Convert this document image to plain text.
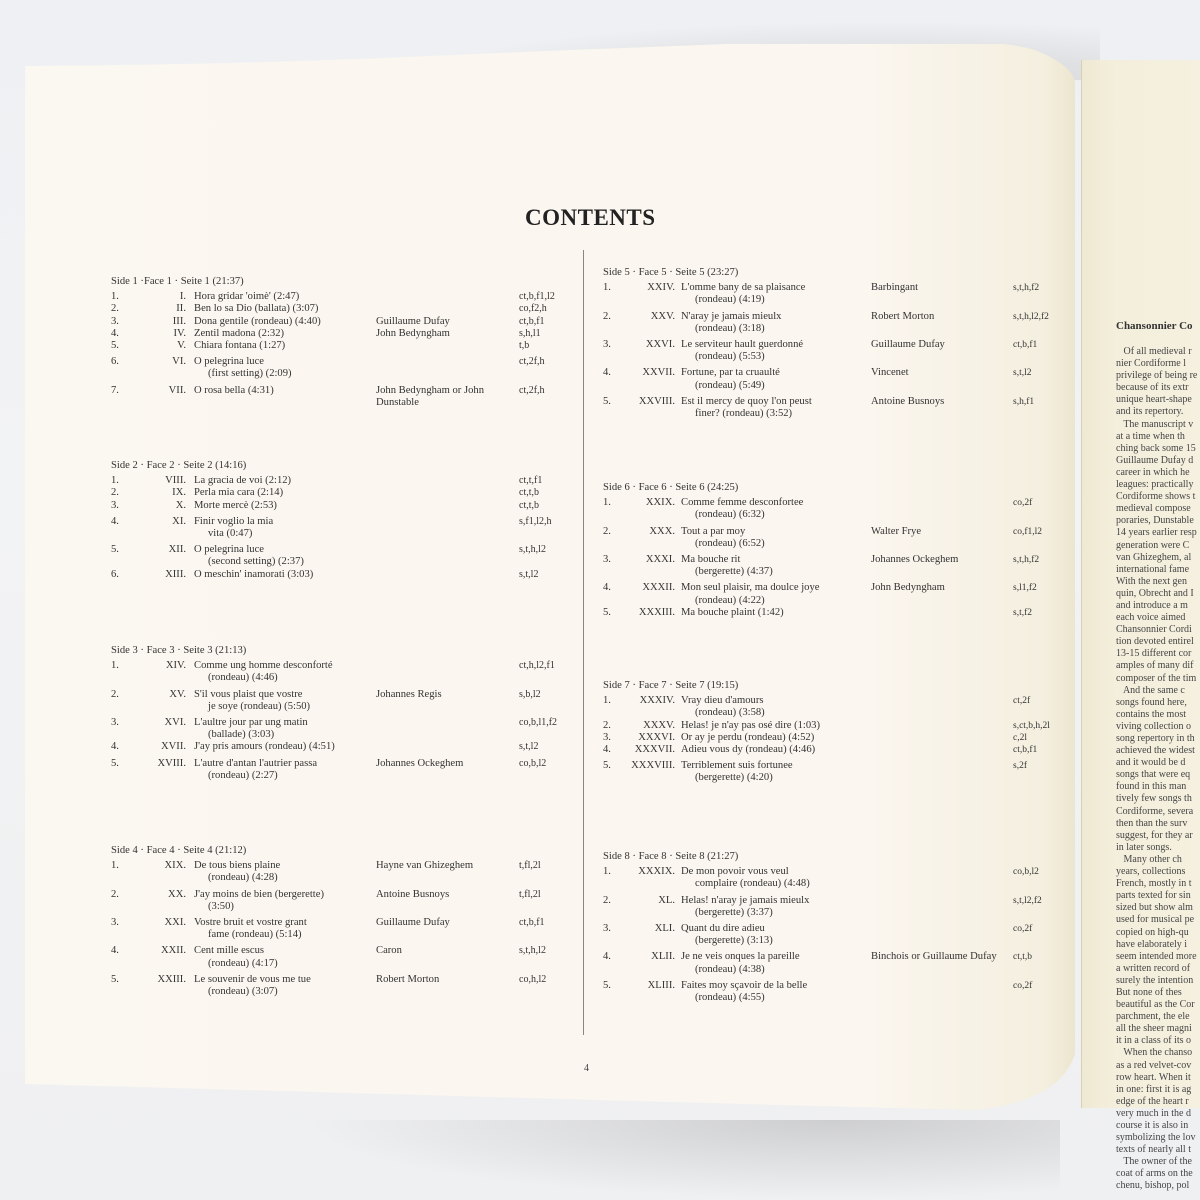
CONTENTS
Side 1 ·Face 1 · Seite 1 (21:37)
1.	I. Hora gridar 'oimè' (2:47)	ct,b,f1,l2
2.	II. Ben lo sa Dio (ballata) (3:07)	co,f2,h
3.	III. Dona gentile (rondeau) (4:40)	Guillaume Dufay	ct,b,f1
4.	IV. Zentil madona (2:32)	John Bedyngham	s,h,l1
5.	V. Chiara fontana (1:27)	t,b
6.	VI. O pelegrina luce
(first setting) (2:09)
ct,2f,h
7.	VII. O rosa bella (4:31)	John Bedyngham or John Dunstable
ct,2f,h
Side 2 · Face 2 · Seite 2 (14:16)
1.	VIII. La gracia de voi (2:12)	ct,t,f1
2.	IX. Perla mia cara (2:14)	ct,t,b
3.	X. Morte mercè (2:53)	ct,t,b
4.	XI. Finir voglio la mia
vita (0:47)
s,f1,l2,h
5.	XII. O pelegrina luce
(second setting) (2:37)
s,t,h,l2
6.	XIII. O meschin' inamorati (3:03)	s,t,l2
Side 3 · Face 3 · Seite 3 (21:13)
1.	XIV. Comme ung homme desconforté
(rondeau) (4:46)
ct,h,l2,f1
2.	XV. S'il vous plaist que vostre
je soye (rondeau) (5:50)
Johannes Regis	s,b,l2
3.	XVI. L'aultre jour par ung matin
(ballade) (3:03)
co,b,l1,f2
4.	XVII. J'ay pris amours (rondeau) (4:51)	s,t,l2
5.	XVIII. L'autre d'antan l'autrier passa
(rondeau) (2:27)
Johannes Ockeghem	co,b,l2
Side 4 · Face 4 · Seite 4 (21:12)
1.	XIX. De tous biens plaine
(rondeau) (4:28)
Hayne van Ghizeghem	t,fl,2l
2.	XX. J'ay moins de bien (bergerette)
(3:50)
Antoine Busnoys	t,fl,2l
3.	XXI. Vostre bruit et vostre grant
fame (rondeau) (5:14)
Guillaume Dufay	ct,b,f1
4.	XXII. Cent mille escus
(rondeau) (4:17)
Caron	s,t,h,l2
5.	XXIII. Le souvenir de vous me tue
(rondeau) (3:07)
Robert Morton	co,h,l2
Side 5 · Face 5 · Seite 5 (23:27)
1.	XXIV. L'omme bany de sa plaisance
(rondeau) (4:19)
Barbingant	s,t,h,f2
2.	XXV. N'aray je jamais mieulx
(rondeau) (3:18)
Robert Morton	s,t,h,l2,f2
3.	XXVI. Le serviteur hault guerdonné
(rondeau) (5:53)
Guillaume Dufay	ct,b,f1
4.	XXVII. Fortune, par ta cruaulté
(rondeau) (5:49)
Vincenet	s,t,l2
5.	XXVIII. Est il mercy de quoy l'on peust
finer? (rondeau) (3:52)
Antoine Busnoys	s,h,f1
Side 6 · Face 6 · Seite 6 (24:25)
1.	XXIX. Comme femme desconfortee
(rondeau) (6:32)
co,2f
2.	XXX. Tout a par moy
(rondeau) (6:52)
Walter Frye	co,f1,l2
3.	XXXI. Ma bouche rit
(bergerette) (4:37)
Johannes Ockeghem	s,t,h,f2
4.	XXXII. Mon seul plaisir, ma doulce joye
(rondeau) (4:22)
John Bedyngham	s,l1,f2
5.	XXXIII. Ma bouche plaint (1:42)	s,t,f2
Side 7 · Face 7 · Seite 7 (19:15)
1.	XXXIV. Vray dieu d'amours
(rondeau) (3:58)
ct,2f
2.	XXXV. Helas! je n'ay pas osé dire (1:03)	s,ct,b,h,2l
3.	XXXVI. Or ay je perdu (rondeau) (4:52)	c,2l
4.	XXXVII. Adieu vous dy (rondeau) (4:46)	ct,b,f1
5.	XXXVIII. Terriblement suis fortunee
(bergerette) (4:20)
s,2f
Side 8 · Face 8 · Seite 8 (21:27)
1.	XXXIX. De mon povoir vous veul
complaire (rondeau) (4:48)
co,b,l2
2.	XL. Helas! n'aray je jamais mieulx
(bergerette) (3:37)
s,t,l2,f2
3.	XLI. Quant du dire adieu
(bergerette) (3:13)
co,2f
4.	XLII. Je ne veis onques la pareille
(rondeau) (4:38)
Binchois or Guillaume Dufay	ct,t,b
5.	XLIII. Faites moy sçavoir de la belle
(rondeau) (4:55)
co,2f
4
Chansonnier Co

Of all medieval r

nier Cordiforme l

privilege of being re

because of its extr

unique heart-shape

and its repertory.

The manuscript v

at a time when th

ching back some 15

Guillaume Dufay d

career in which he

leagues: practically

Cordiforme shows t

medieval compose

poraries, Dunstable

14 years earlier resp

generation were C

van Ghizeghem, al

international fame

With the next gen

quin, Obrecht and I

and introduce a m

each voice aimed

Chansonnier Cordi

tion devoted entirel

13-15 different cor

amples of many dif

composer of the tim

And the same c

songs found here,

contains the most

viving collection o

song repertory in th

achieved the widest

and it would be d

songs that were eq

found in this man

tively few songs th

Cordiforme, severa

then than the surv

suggest, for they ar

in later songs.

Many other ch

years, collections

French, mostly in t

parts texted for sin

sized but show alm

used for musical pe

copied on high-qu

have elaborately i

seem intended more

a written record of

surely the intention

But none of thes

beautiful as the Cor

parchment, the ele

all the sheer magni

it in a class of its o

When the chanso

as a red velvet-cov

row heart. When it

in one: first it is ag

edge of the heart r

very much in the d

course it is also in

symbolizing the lov

texts of nearly all t

The owner of the

coat of arms on the

chenu, bishop, pol
